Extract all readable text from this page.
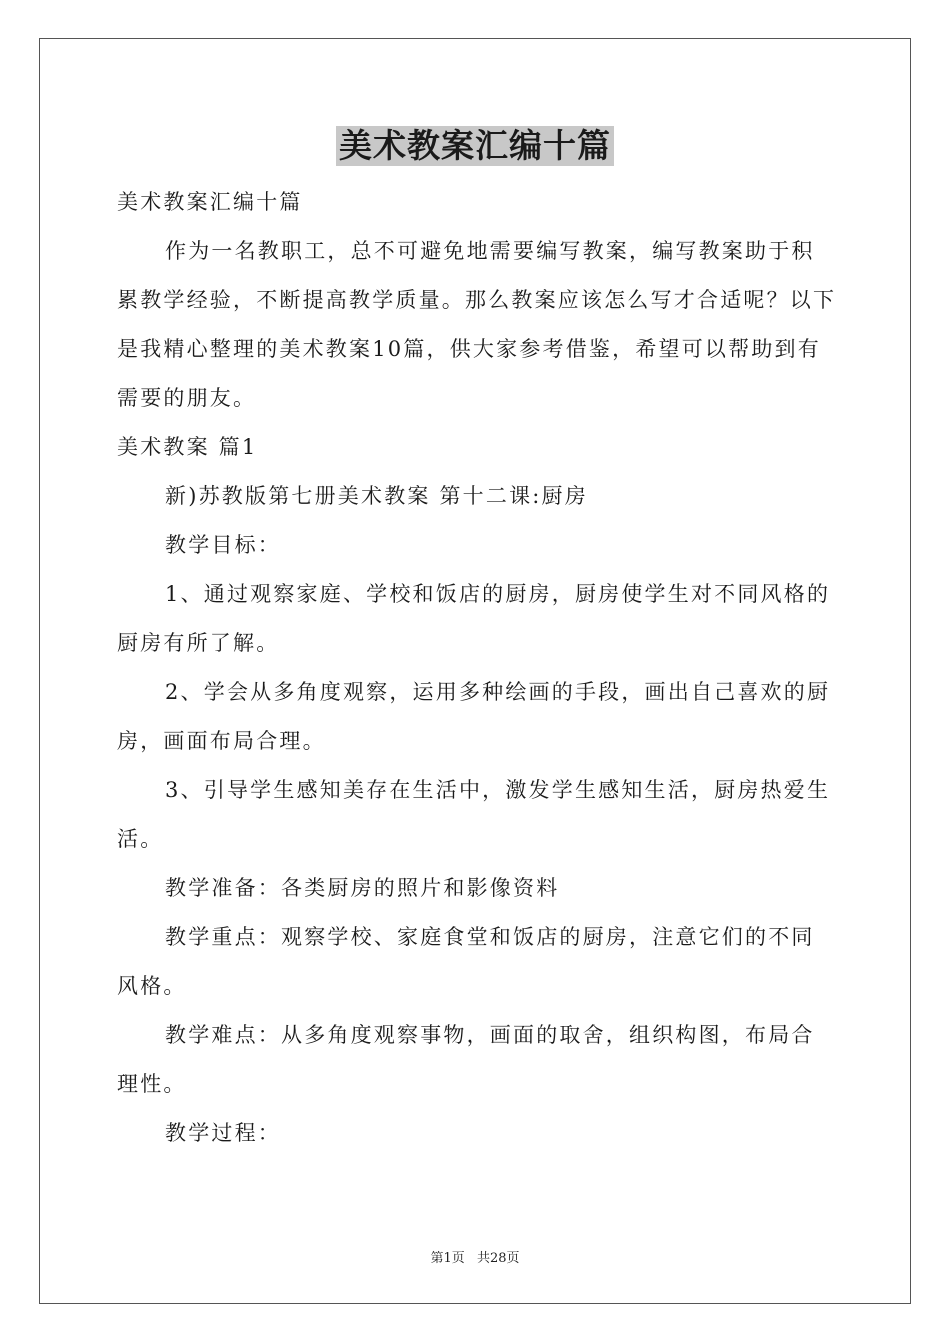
美术教案汇编十篇

美术教案汇编十篇

作为一名教职工，总不可避免地需要编写教案，编写教案助于积累教学经验，不断提高教学质量。那么教案应该怎么写才合适呢？以下是我精心整理的美术教案10篇，供大家参考借鉴，希望可以帮助到有需要的朋友。

美术教案 篇1

新)苏教版第七册美术教案 第十二课:厨房

教学目标：

1、通过观察家庭、学校和饭店的厨房，厨房使学生对不同风格的厨房有所了解。

2、学会从多角度观察，运用多种绘画的手段，画出自己喜欢的厨房，画面布局合理。

3、引导学生感知美存在生活中，激发学生感知生活，厨房热爱生活。

教学准备：各类厨房的照片和影像资料

教学重点：观察学校、家庭食堂和饭店的厨房，注意它们的不同风格。

教学难点：从多角度观察事物，画面的取舍，组织构图，布局合理性。

教学过程：

第1页 共28页
